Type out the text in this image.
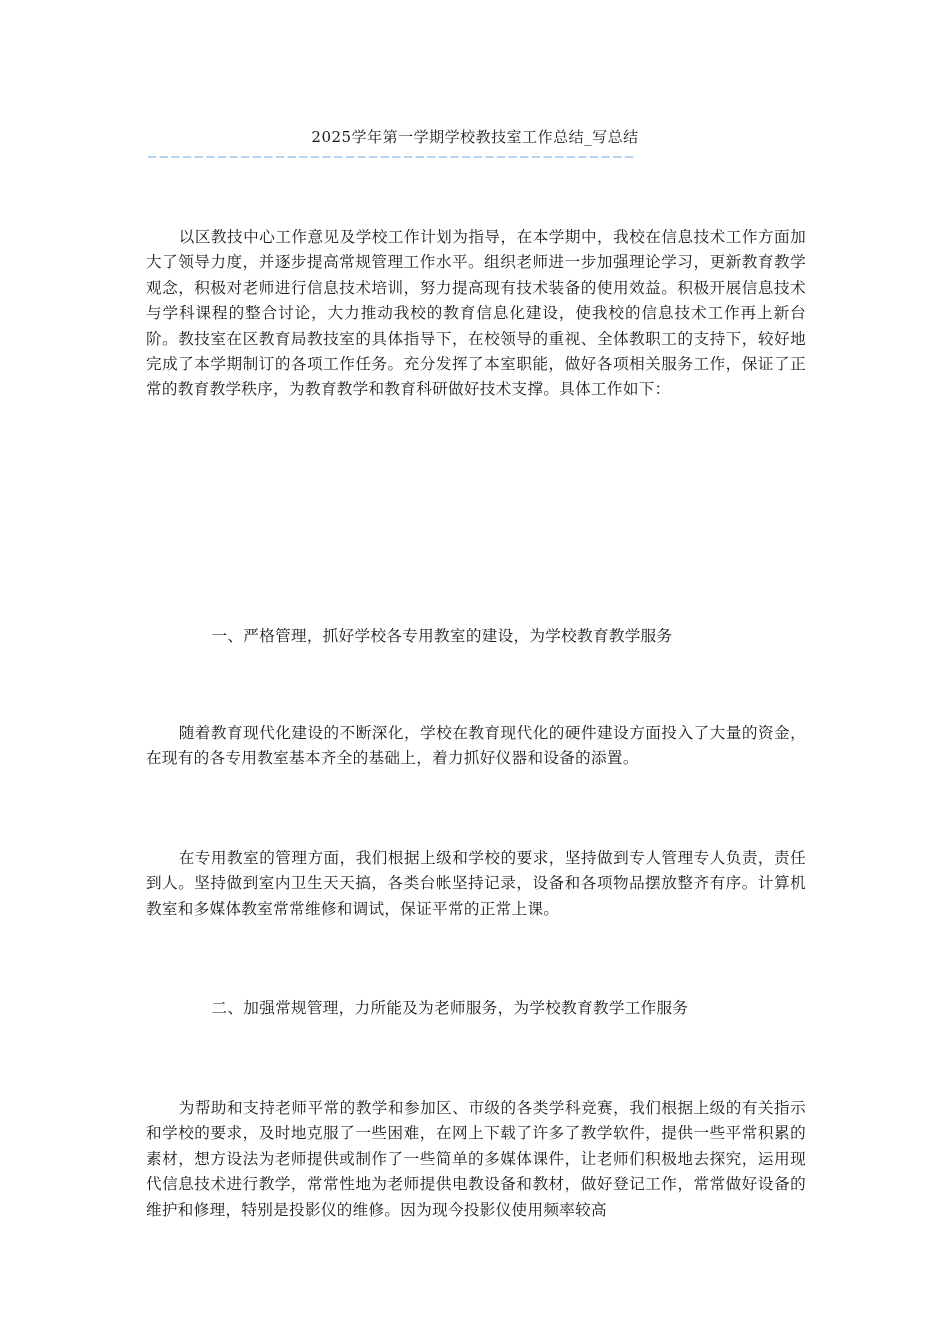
2025学年第一学期学校教技室工作总结_写总结
——————————————————————————————————————————

以区教技中心工作意见及学校工作计划为指导，在本学期中，我校在信息技术工作方面加大了领导力度，并逐步提高常规管理工作水平。组织老师进一步加强理论学习，更新教育教学观念，积极对老师进行信息技术培训，努力提高现有技术装备的使用效益。积极开展信息技术与学科课程的整合讨论，大力推动我校的教育信息化建设，使我校的信息技术工作再上新台阶。教技室在区教育局教技室的具体指导下，在校领导的重视、全体教职工的支持下，较好地完成了本学期制订的各项工作任务。充分发挥了本室职能，做好各项相关服务工作，保证了正常的教育教学秩序，为教育教学和教育科研做好技术支撑。具体工作如下：

一、严格管理，抓好学校各专用教室的建设，为学校教育教学服务

随着教育现代化建设的不断深化，学校在教育现代化的硬件建设方面投入了大量的资金，在现有的各专用教室基本齐全的基础上，着力抓好仪器和设备的添置。

在专用教室的管理方面，我们根据上级和学校的要求，坚持做到专人管理专人负责，责任到人。坚持做到室内卫生天天搞，各类台帐坚持记录，设备和各项物品摆放整齐有序。计算机教室和多媒体教室常常维修和调试，保证平常的正常上课。

二、加强常规管理，力所能及为老师服务，为学校教育教学工作服务

为帮助和支持老师平常的教学和参加区、市级的各类学科竞赛，我们根据上级的有关指示和学校的要求，及时地克服了一些困难，在网上下载了许多了教学软件，提供一些平常积累的素材，想方设法为老师提供或制作了一些简单的多媒体课件，让老师们积极地去探究，运用现代信息技术进行教学，常常性地为老师提供电教设备和教材，做好登记工作，常常做好设备的维护和修理，特别是投影仪的维修。因为现今投影仪使用频率较高
